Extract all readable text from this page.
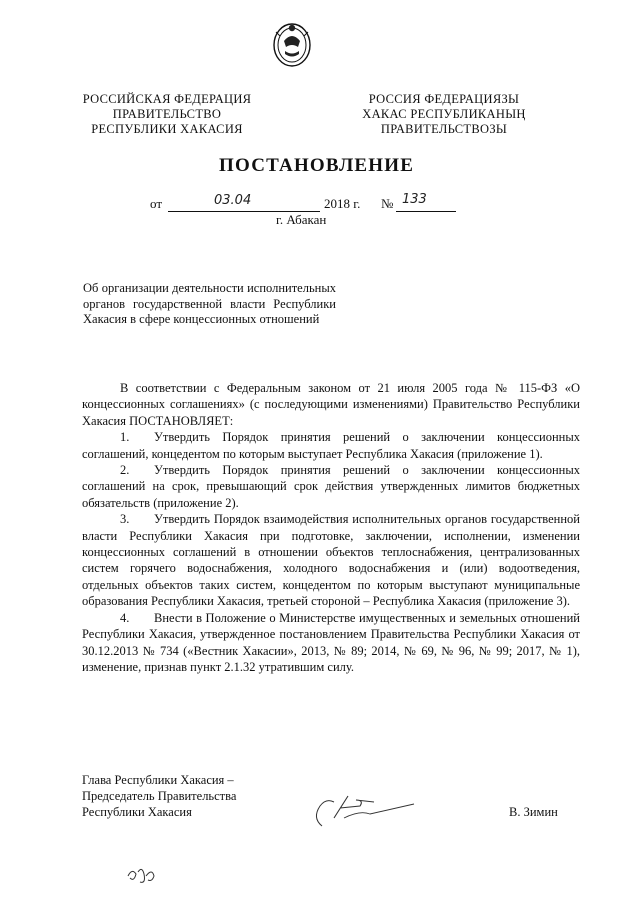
РОССИЙСКАЯ ФЕДЕРАЦИЯ
ПРАВИТЕЛЬСТВО
РЕСПУБЛИКИ ХАКАСИЯ
РОССИЯ ФЕДЕРАЦИЯЗЫ
ХАКАС РЕСПУБЛИКАНЫҢ
ПРАВИТЕЛЬСТВОЗЫ
ПОСТАНОВЛЕНИЕ
от	03.04	2018 г. № 133
г. Абакан
Об организации деятельности исполнительных органов государственной власти Республики Хакасия в сфере концессионных отношений

В соответствии с Федеральным законом от 21 июля 2005 года № 115-ФЗ «О концессионных соглашениях» (с последующими изменениями) Правительство Республики Хакасия ПОСТАНОВЛЯЕТ:

1. Утвердить Порядок принятия решений о заключении концессионных соглашений, концедентом по которым выступает Республика Хакасия (приложение 1).

2. Утвердить Порядок принятия решений о заключении концессионных соглашений на срок, превышающий срок действия утвержденных лимитов бюджетных обязательств (приложение 2).

3. Утвердить Порядок взаимодействия исполнительных органов государственной власти Республики Хакасия при подготовке, заключении, исполнении, изменении концессионных соглашений в отношении объектов теплоснабжения, централизованных систем горячего водоснабжения, холодного водоснабжения и (или) водоотведения, отдельных объектов таких систем, концедентом по которым выступают муниципальные образования Республики Хакасия, третьей стороной – Республика Хакасия (приложение 3).

4. Внести в Положение о Министерстве имущественных и земельных отношений Республики Хакасия, утвержденное постановлением Правительства Республики Хакасия от 30.12.2013 № 734 («Вестник Хакасии», 2013, № 89; 2014, № 69, № 96, № 99; 2017, № 1), изменение, признав пункт 2.1.32 утратившим силу.

Глава Республики Хакасия –
Председатель Правительства
Республики Хакасия	В. Зимин
